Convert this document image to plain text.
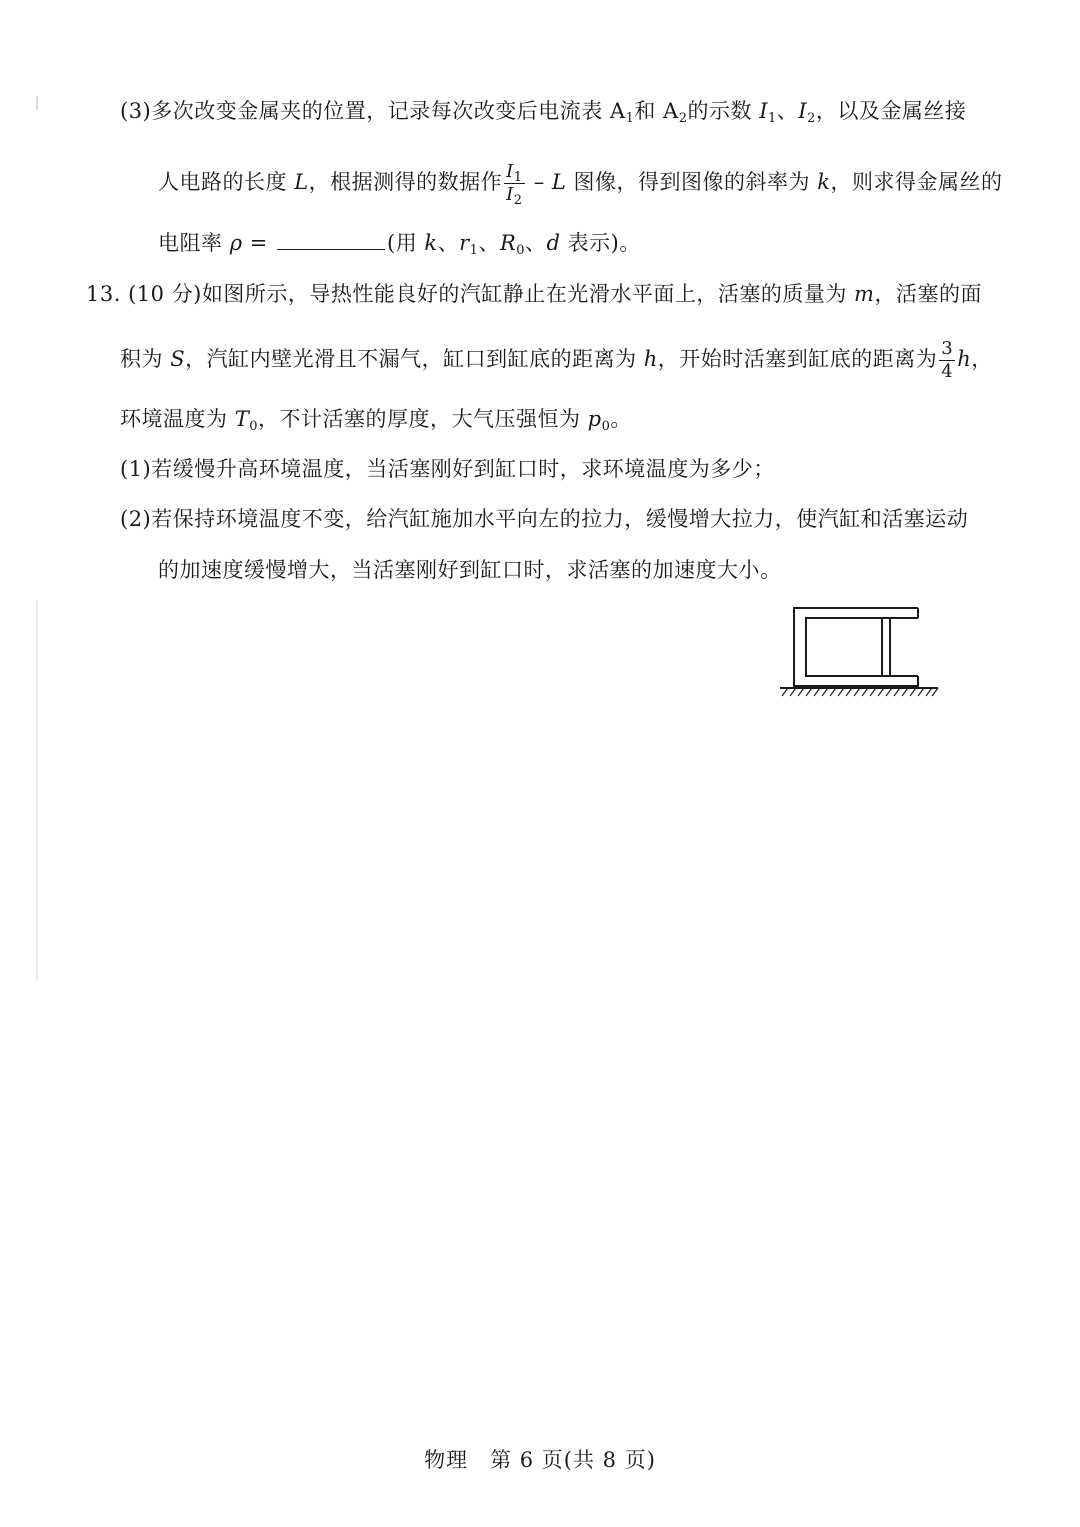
(3)多次改变金属夹的位置，记录每次改变后电流表 $A_1$和 $A_2$的示数 $I_1$、$I_2$，以及金属丝接
人电路的长度 L，根据测得的数据作 $\frac{I_1}{I_2}$ – L 图像，得到图像的斜率为 k，则求得金属丝的
电阻率 ρ =	(用 k、$r_1$、$R_0$、d 表示)。
13. (10 分)如图所示，导热性能良好的汽缸静止在光滑水平面上，活塞的质量为 m，活塞的面
积为 S，汽缸内壁光滑且不漏气，缸口到缸底的距离为 h，开始时活塞到缸底的距离为 $\frac{3}{4}$ h，
环境温度为 $T_0$，不计活塞的厚度，大气压强恒为 $p_0$。
(1)若缓慢升高环境温度，当活塞刚好到缸口时，求环境温度为多少；
(2)若保持环境温度不变，给汽缸施加水平向左的拉力，缓慢增大拉力，使汽缸和活塞运动
的加速度缓慢增大，当活塞刚好到缸口时，求活塞的加速度大小。
物理　第 6 页(共 8 页)
